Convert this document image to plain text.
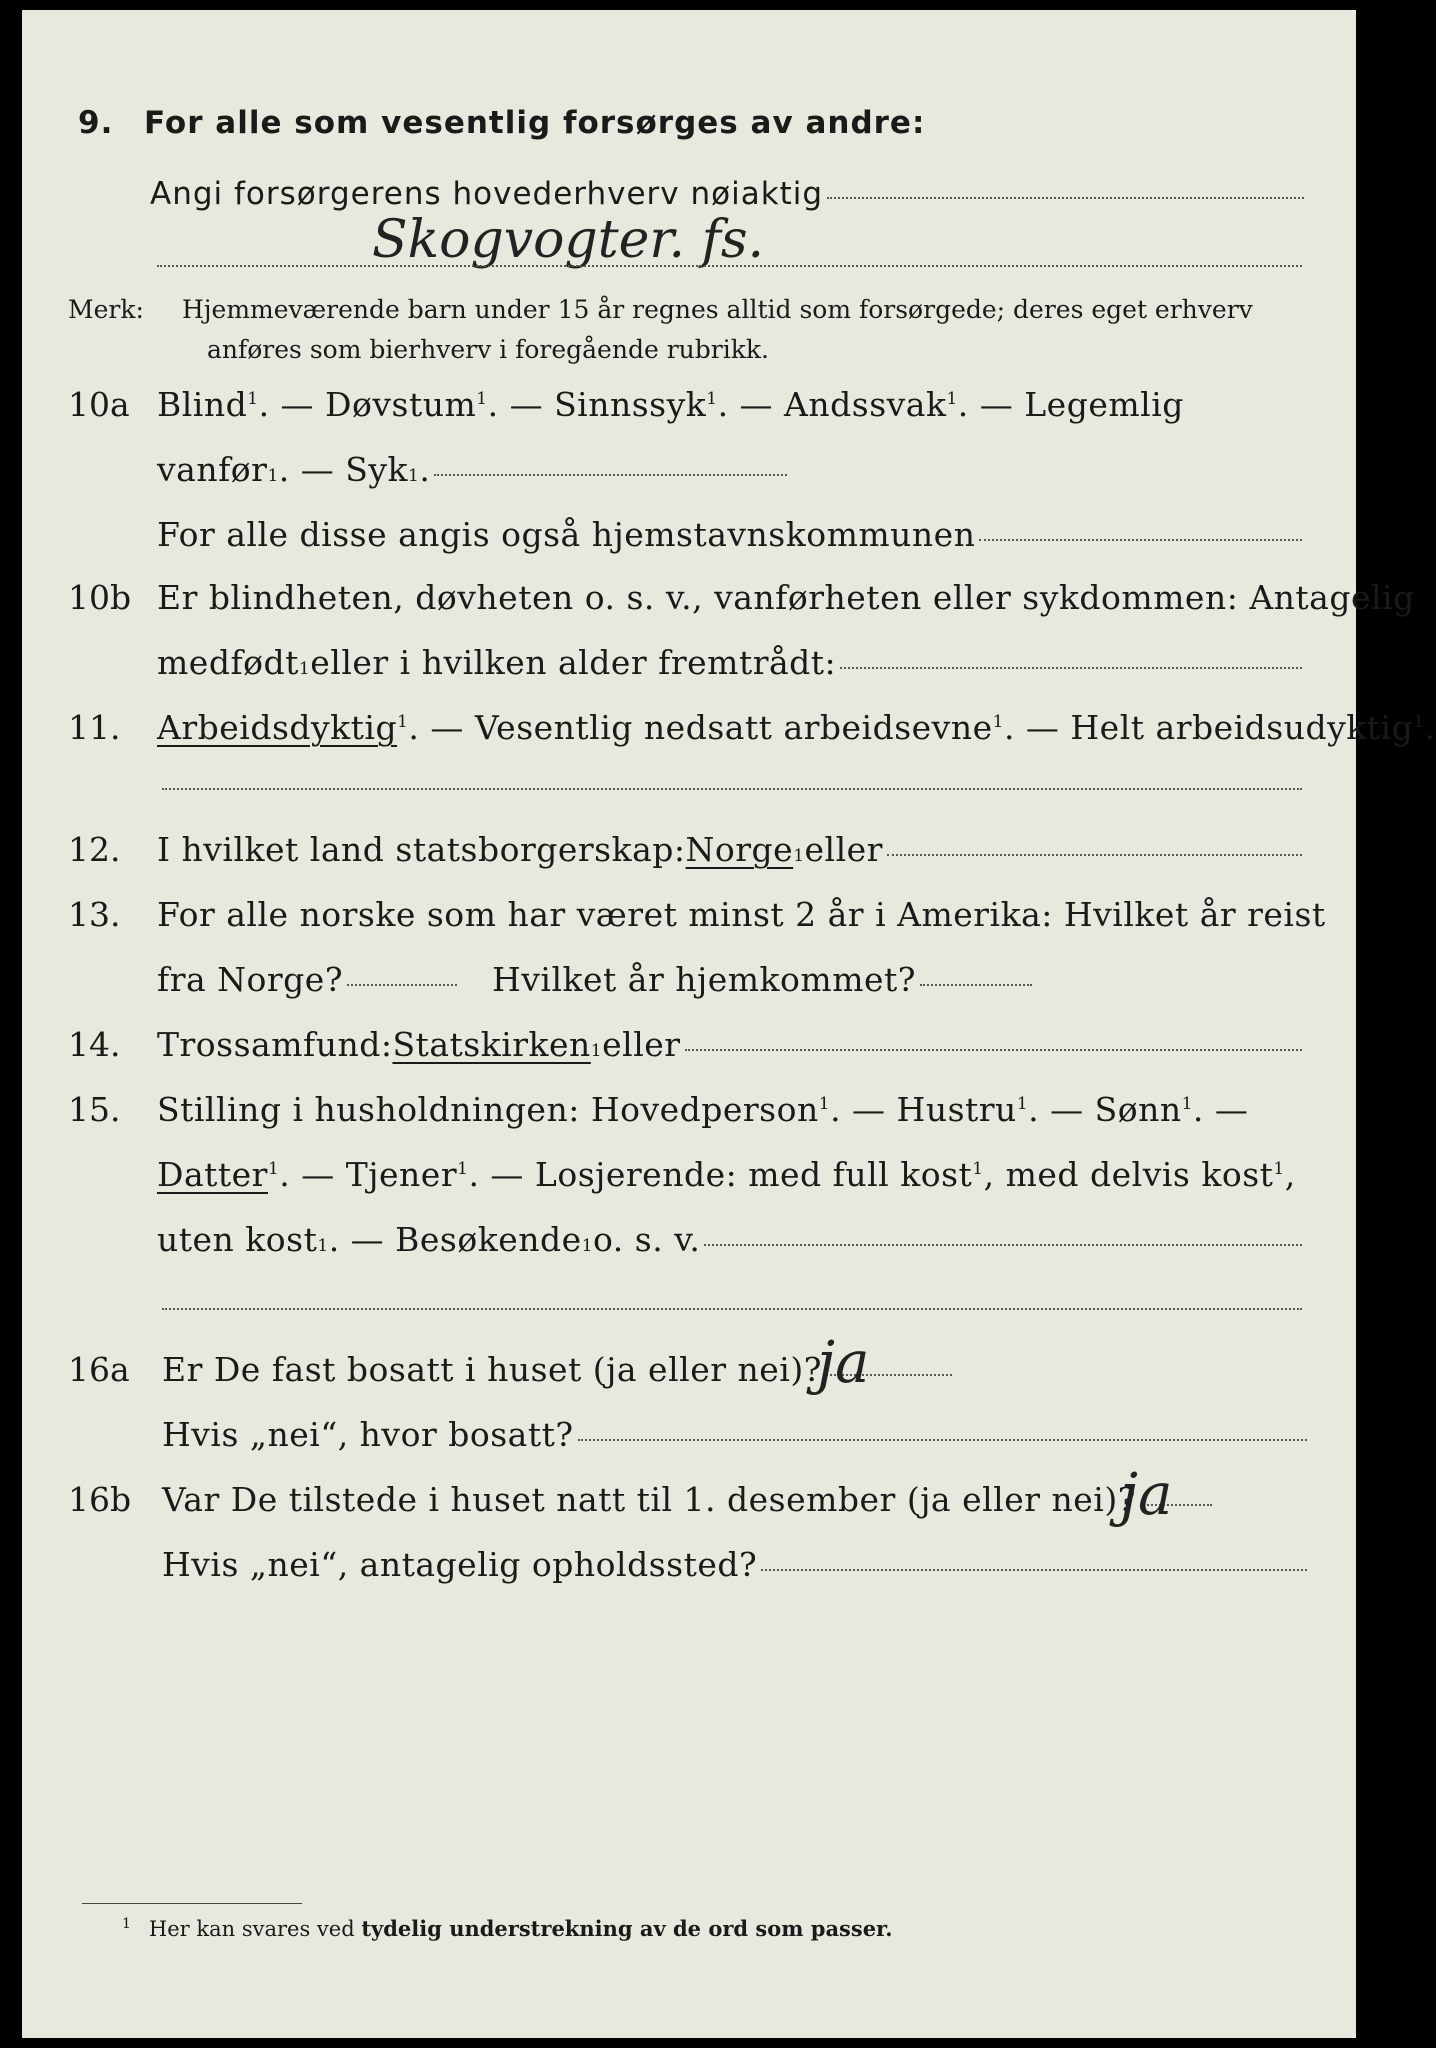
9. For alle som vesentlig forsørges av andre:
Angi forsørgerens hovederhverv nøiaktig
Skogvogter. fs.
Merk: Hjemmeværende barn under 15 år regnes alltid som forsørgede; deres eget erhverv
anføres som bierhverv i foregående rubrikk.
10a Blind$^1$. — Døvstum$^1$. — Sinnssyk$^1$. — Andssvak$^1$. — Legemlig
vanfør 1 . — Syk 1 .
For alle disse angis også hjemstavnskommunen
10b Er blindheten, døvheten o. s. v., vanførheten eller sykdommen: Antagelig
medfødt 1 eller i hvilken alder fremtrådt:
11. Arbeidsdyktig$^1$. — Vesentlig nedsatt arbeidsevne$^1$. — Helt arbeidsudyktig$^1$.
12. I hvilket land statsborgerskap: Norge 1 eller
13. For alle norske som har været minst 2 år i Amerika: Hvilket år reist
fra Norge?	Hvilket år hjemkommet?
14. Trossamfund: Statskirken 1 eller
15. Stilling i husholdningen: Hovedperson$^1$. — Hustru$^1$. — Sønn$^1$. —
Datter$^1$. — Tjener$^1$. — Losjerende: med full kost$^1$, med delvis kost$^1$,
uten kost 1 . — Besøkende 1 o. s. v.
16a Er De fast bosatt i huset (ja eller nei)?
ja
Hvis „nei“, hvor bosatt?
16b Var De tilstede i huset natt til 1. desember (ja eller nei)?
ja
Hvis „nei“, antagelig opholdssted?
$^1$ Her kan svares ved tydelig understrekning av de ord som passer.
